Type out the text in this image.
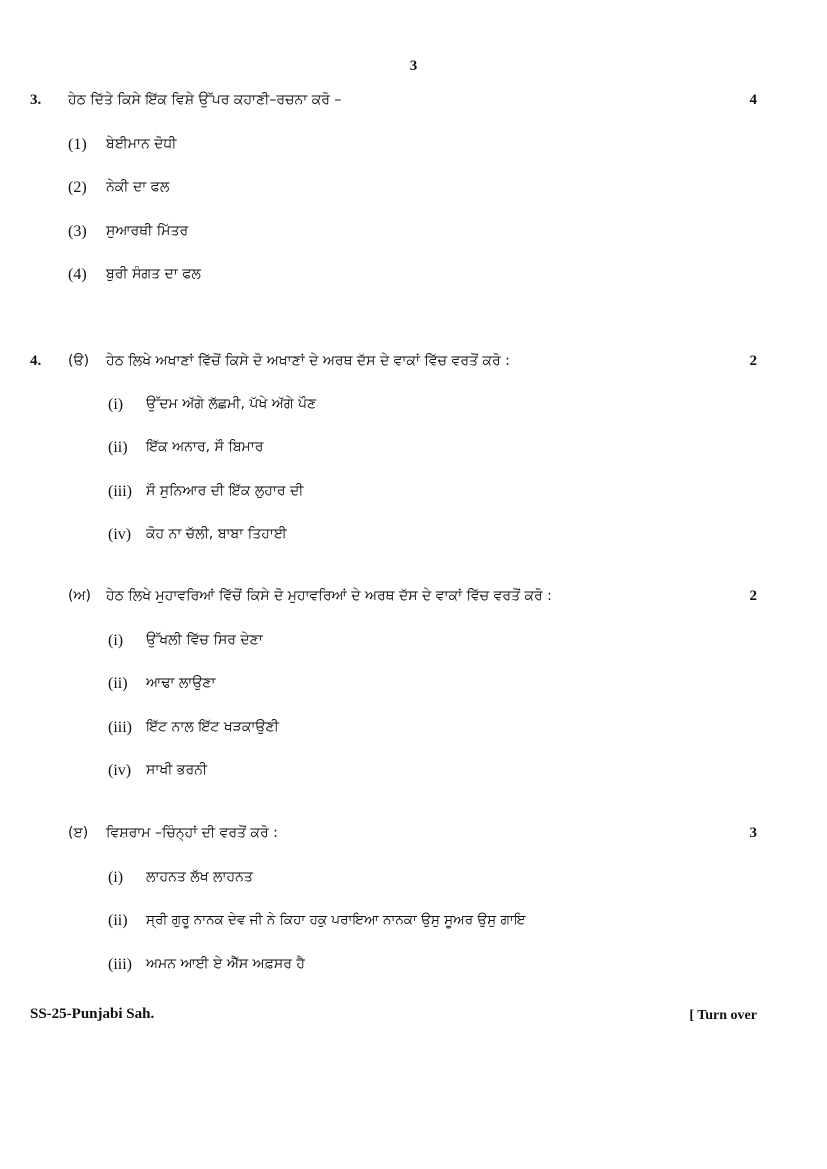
3
3. ਹੇਠ ਦਿੱਤੇ ਕਿਸੇ ਇੱਕ ਵਿਸ਼ੇ ਉੱਪਰ ਕਹਾਣੀ–ਰਚਨਾ ਕਰੋ –	4
(1) ਬੇਈਮਾਨ ਦੋਧੀ
(2) ਨੇਕੀ ਦਾ ਫਲ
(3) ਸੁਆਰਥੀ ਮਿੱਤਰ
(4) ਬੁਰੀ ਸੰਗਤ ਦਾ ਫਲ
4. (ੳ) ਹੇਠ ਲਿਖੇ ਅਖਾਣਾਂ ਵਿੱਚੋਂ ਕਿਸੇ ਦੋ ਅਖਾਣਾਂ ਦੇ ਅਰਥ ਦੱਸ ਦੇ ਵਾਕਾਂ ਵਿੱਚ ਵਰਤੋਂ ਕਰੋ :	2
(i) ਉੱਦਮ ਅੱਗੇ ਲੱਛਮੀ, ਪੱਖੇ ਅੱਗੇ ਪੌਣ
(ii) ਇੱਕ ਅਨਾਰ, ਸੌ ਬਿਮਾਰ
(iii) ਸੌ ਸੁਨਿਆਰ ਦੀ ਇੱਕ ਲੁਹਾਰ ਦੀ
(iv) ਕੋਹ ਨਾ ਚੱਲੀ, ਬਾਬਾ ਤਿਹਾਈ
(ਅ) ਹੇਠ ਲਿਖੇ ਮੁਹਾਵਰਿਆਂ ਵਿੱਚੋਂ ਕਿਸੇ ਦੋ ਮੁਹਾਵਰਿਆਂ ਦੇ ਅਰਥ ਦੱਸ ਦੇ ਵਾਕਾਂ ਵਿੱਚ ਵਰਤੋਂ ਕਰੋ :	2
(i) ਉੱਖਲੀ ਵਿੱਚ ਸਿਰ ਦੇਣਾ
(ii) ਆਢਾ ਲਾਉਣਾ
(iii) ਇੱਟ ਨਾਲ ਇੱਟ ਖੜਕਾਉਣੀ
(iv) ਸਾਖੀ ਭਰਨੀ
(ੲ) ਵਿਸ਼ਰਾਮ –ਚਿੰਨ੍ਹਾਂ ਦੀ ਵਰਤੋਂ ਕਰੋ :	3
(i) ਲਾਹਨਤ ਲੱਖ ਲਾਹਨਤ
(ii) ਸ੍ਰੀ ਗੁਰੂ ਨਾਨਕ ਦੇਵ ਜੀ ਨੇ ਕਿਹਾ ਹਕੁ ਪਰਾਇਆ ਨਾਨਕਾ ਉਸੁ ਸੂਅਰ ਉਸੁ ਗਾਇ
(iii) ਅਮਨ ਆਈ ਏ ਐੱਸ ਅਫ਼ਸਰ ਹੈ
SS-25-Punjabi Sah.	[ Turn over
